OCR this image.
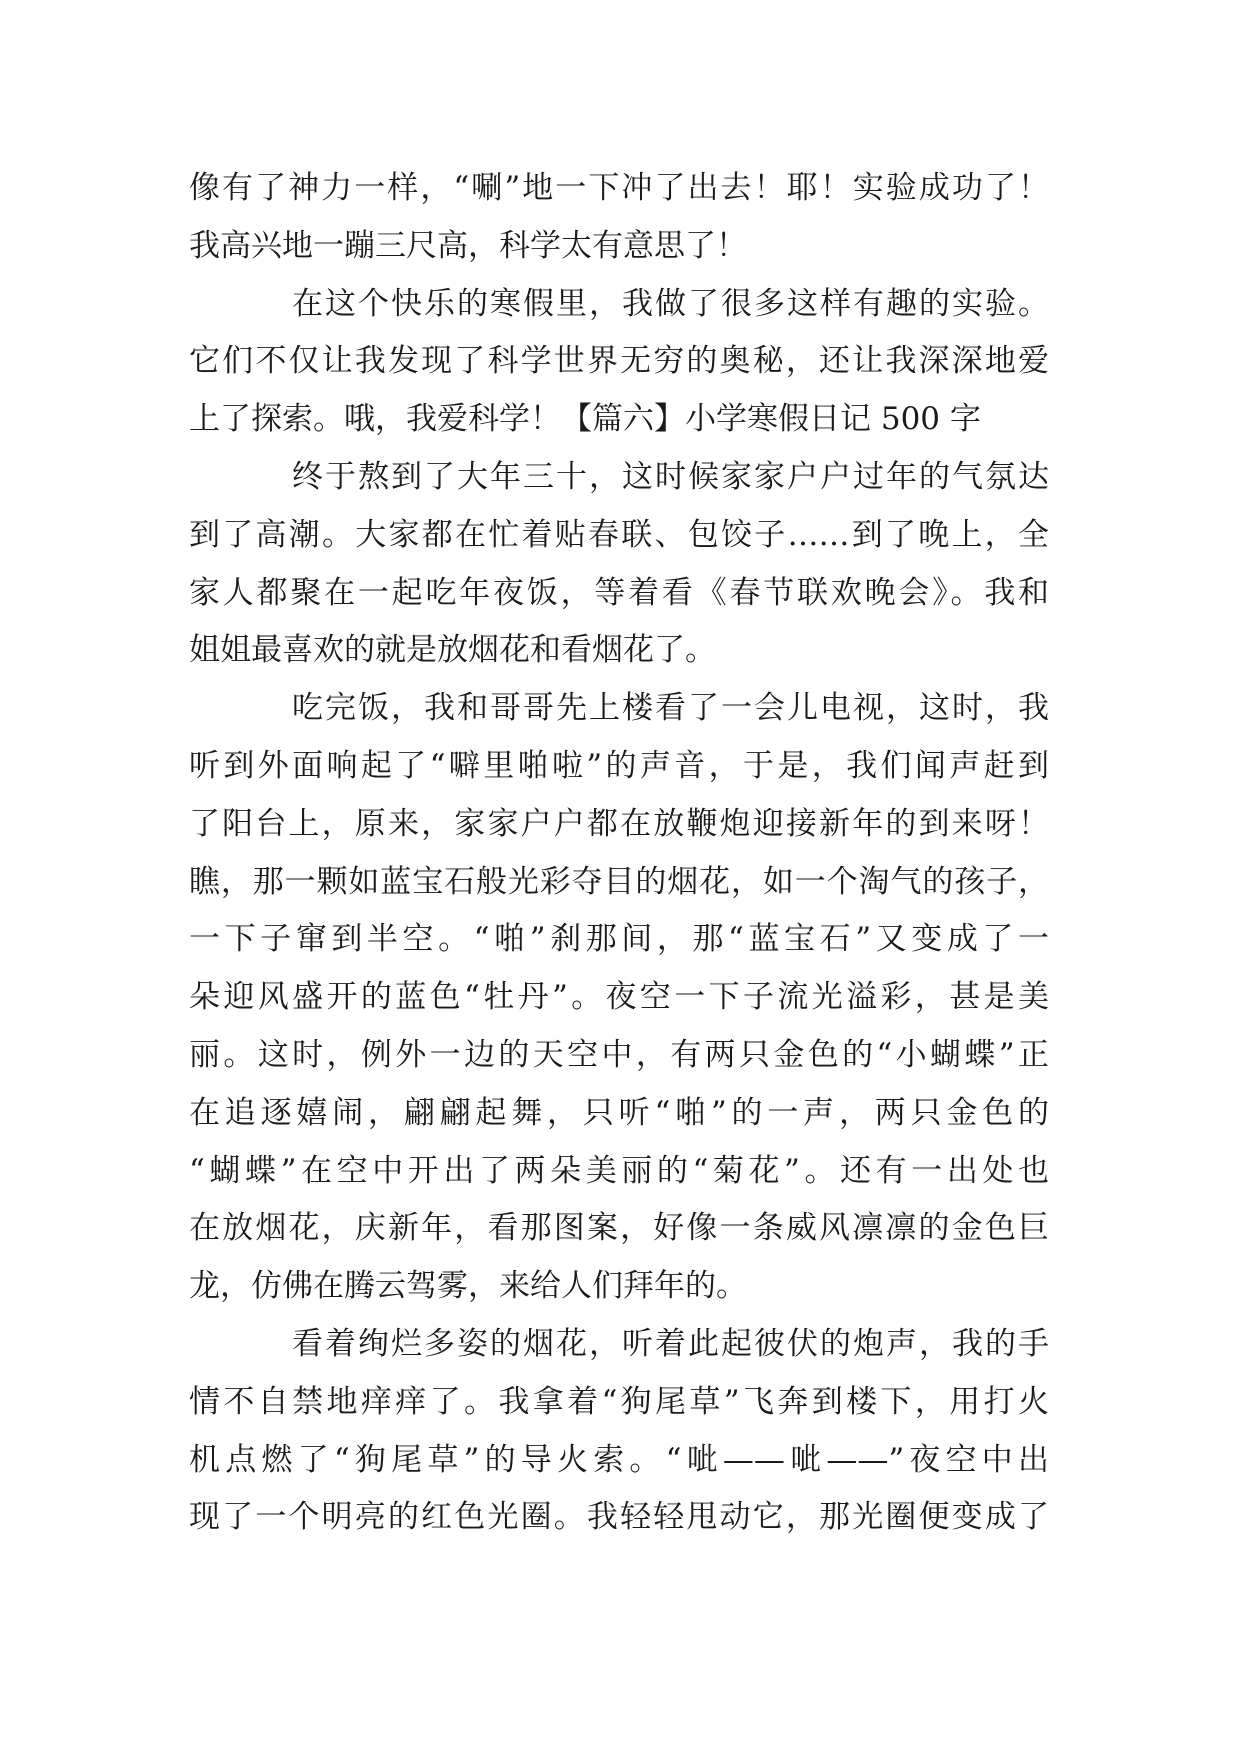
像有了神力一样，“唰”地一下冲了出去！耶！实验成功了！
我高兴地一蹦三尺高，科学太有意思了！
在这个快乐的寒假里，我做了很多这样有趣的实验。
它们不仅让我发现了科学世界无穷的奥秘，还让我深深地爱
上了探索。哦，我爱科学！【篇六】小学寒假日记 500 字
终于熬到了大年三十，这时候家家户户过年的气氛达
到了高潮。大家都在忙着贴春联、包饺子……到了晚上，全
家人都聚在一起吃年夜饭，等着看《春节联欢晚会》。我和
姐姐最喜欢的就是放烟花和看烟花了。
吃完饭，我和哥哥先上楼看了一会儿电视，这时，我
听到外面响起了“噼里啪啦”的声音，于是，我们闻声赶到
了阳台上，原来，家家户户都在放鞭炮迎接新年的到来呀！
瞧，那一颗如蓝宝石般光彩夺目的烟花，如一个淘气的孩子，
一下子窜到半空。“啪”刹那间，那“蓝宝石”又变成了一
朵迎风盛开的蓝色“牡丹”。夜空一下子流光溢彩，甚是美
丽。这时，例外一边的天空中，有两只金色的“小蝴蝶”正
在追逐嬉闹，翩翩起舞，只听“啪”的一声，两只金色的
“蝴蝶”在空中开出了两朵美丽的“菊花”。还有一出处也
在放烟花，庆新年，看那图案，好像一条威风凛凛的金色巨
龙，仿佛在腾云驾雾，来给人们拜年的。
看着绚烂多姿的烟花，听着此起彼伏的炮声，我的手
情不自禁地痒痒了。我拿着“狗尾草”飞奔到楼下，用打火
机点燃了“狗尾草”的导火索。“呲——呲——”夜空中出
现了一个明亮的红色光圈。我轻轻甩动它，那光圈便变成了
